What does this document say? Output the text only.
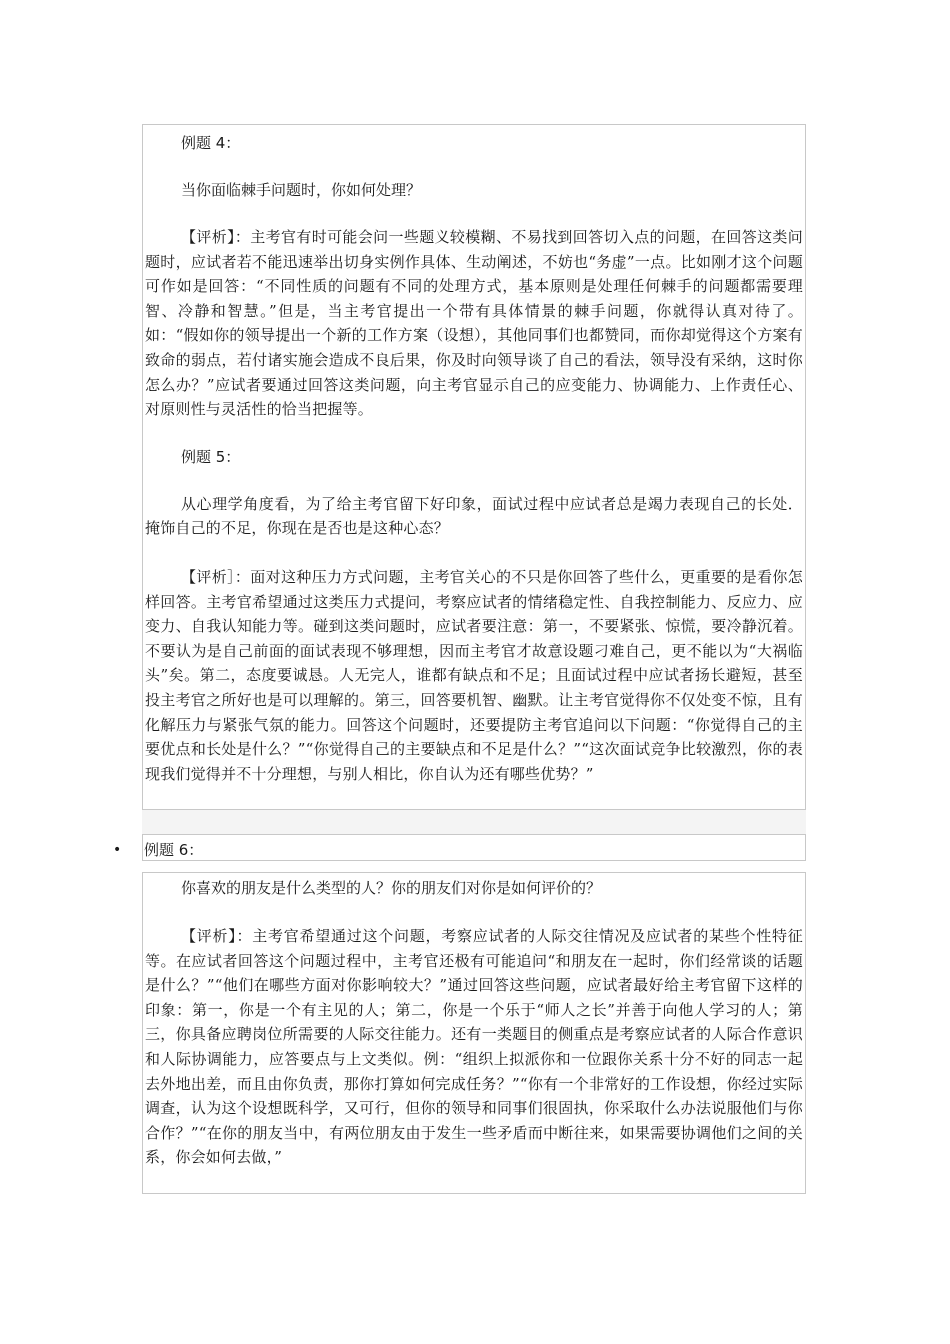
例题 4：

当你面临棘手问题时，你如何处理？

【评析】：主考官有时可能会问一些题义较模糊、不易找到回答切入点的问题，在回答这类问题时，应试者若不能迅速举出切身实例作具体、生动阐述，不妨也“务虚”一点。比如刚才这个问题可作如是回答：“不同性质的问题有不同的处理方式，基本原则是处理任何棘手的问题都需要理智、冷静和智慧。”但是，当主考官提出一个带有具体情景的棘手问题，你就得认真对待了。如：“假如你的领导提出一个新的工作方案（设想），其他同事们也都赞同，而你却觉得这个方案有致命的弱点，若付诸实施会造成不良后果，你及时向领导谈了自己的看法，领导没有采纳，这时你怎么办？”应试者要通过回答这类问题，向主考官显示自己的应变能力、协调能力、上作责任心、对原则性与灵活性的恰当把握等。

例题 5：

从心理学角度看，为了给主考官留下好印象，面试过程中应试者总是竭力表现自己的长处．掩饰自己的不足，你现在是否也是这种心态？

【评析］：面对这种压力方式问题，主考官关心的不只是你回答了些什么，更重要的是看你怎样回答。主考官希望通过这类压力式提问，考察应试者的情绪稳定性、自我控制能力、反应力、应变力、自我认知能力等。碰到这类问题时，应试者要注意：第一，不要紧张、惊慌，要冷静沉着。不要认为是自己前面的面试表现不够理想，因而主考官才故意设题刁难自己，更不能以为“大祸临头”矣。第二，态度要诚恳。人无完人，谁都有缺点和不足；且面试过程中应试者扬长避短，甚至投主考官之所好也是可以理解的。第三，回答要机智、幽默。让主考官觉得你不仅处变不惊，且有化解压力与紧张气氛的能力。回答这个问题时，还要提防主考官追问以下问题：“你觉得自己的主要优点和长处是什么？”“你觉得自己的主要缺点和不足是什么？”“这次面试竞争比较激烈，你的表现我们觉得并不十分理想，与别人相比，你自认为还有哪些优势？”

• 例题 6：

你喜欢的朋友是什么类型的人？你的朋友们对你是如何评价的？

【评析】：主考官希望通过这个问题，考察应试者的人际交往情况及应试者的某些个性特征等。在应试者回答这个问题过程中，主考官还极有可能追问“和朋友在一起时，你们经常谈的话题是什么？”“他们在哪些方面对你影响较大？”通过回答这些问题，应试者最好给主考官留下这样的印象：第一，你是一个有主见的人；第二，你是一个乐于“师人之长”并善于向他人学习的人；第三，你具备应聘岗位所需要的人际交往能力。还有一类题目的侧重点是考察应试者的人际合作意识和人际协调能力，应答要点与上文类似。例：“组织上拟派你和一位跟你关系十分不好的同志一起去外地出差，而且由你负责，那你打算如何完成任务？”“你有一个非常好的工作设想，你经过实际调查，认为这个设想既科学，又可行，但你的领导和同事们很固执，你采取什么办法说服他们与你合作？”“在你的朋友当中，有两位朋友由于发生一些矛盾而中断往来，如果需要协调他们之间的关系，你会如何去做，”
